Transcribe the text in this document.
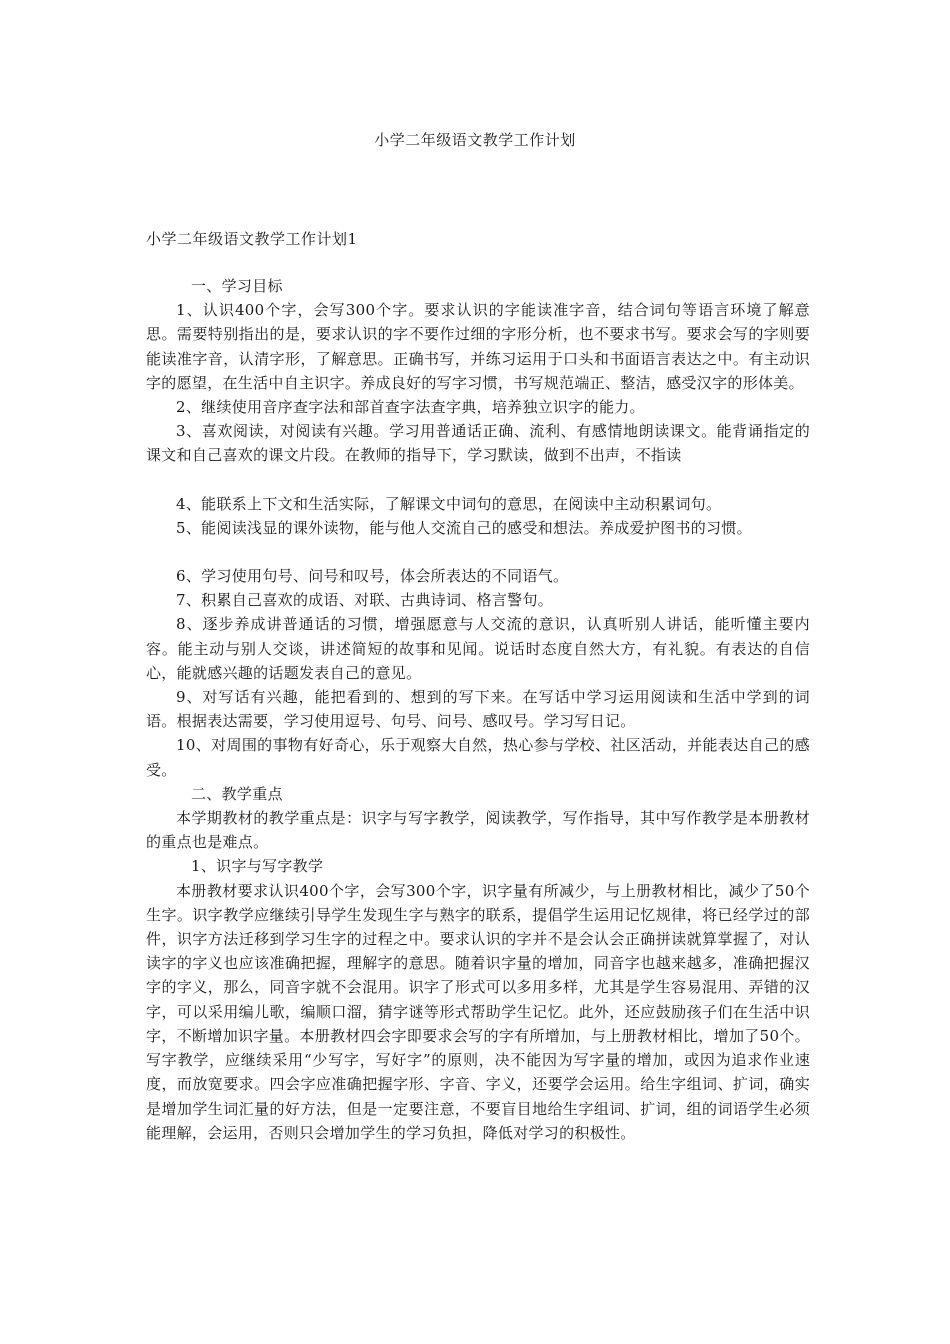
小学二年级语文教学工作计划
小学二年级语文教学工作计划1

一、学习目标

1、认识400个字，会写300个字。要求认识的字能读准字音，结合词句等语言环境了解意思。需要特别指出的是，要求认识的字不要作过细的字形分析，也不要求书写。要求会写的字则要能读准字音，认清字形，了解意思。正确书写，并练习运用于口头和书面语言表达之中。有主动识字的愿望，在生活中自主识字。养成良好的写字习惯，书写规范端正、整洁，感受汉字的形体美。

2、继续使用音序查字法和部首查字法查字典，培养独立识字的能力。

3、喜欢阅读，对阅读有兴趣。学习用普通话正确、流利、有感情地朗读课文。能背诵指定的课文和自己喜欢的课文片段。在教师的指导下，学习默读，做到不出声，不指读

4、能联系上下文和生活实际，了解课文中词句的意思，在阅读中主动积累词句。

5、能阅读浅显的课外读物，能与他人交流自己的感受和想法。养成爱护图书的习惯。

6、学习使用句号、问号和叹号，体会所表达的不同语气。

7、积累自己喜欢的成语、对联、古典诗词、格言警句。

8、逐步养成讲普通话的习惯，增强愿意与人交流的意识，认真听别人讲话，能听懂主要内容。能主动与别人交谈，讲述简短的故事和见闻。说话时态度自然大方，有礼貌。有表达的自信心，能就感兴趣的话题发表自己的意见。

9、对写话有兴趣，能把看到的、想到的写下来。在写话中学习运用阅读和生活中学到的词语。根据表达需要，学习使用逗号、句号、问号、感叹号。学习写日记。

10、对周围的事物有好奇心，乐于观察大自然，热心参与学校、社区活动，并能表达自己的感受。

二、教学重点

本学期教材的教学重点是：识字与写字教学，阅读教学，写作指导，其中写作教学是本册教材的重点也是难点。

1、识字与写字教学

本册教材要求认识400个字，会写300个字，识字量有所减少，与上册教材相比，减少了50个生字。识字教学应继续引导学生发现生字与熟字的联系，提倡学生运用记忆规律，将已经学过的部件，识字方法迁移到学习生字的过程之中。要求认识的字并不是会认会正确拼读就算掌握了，对认读字的字义也应该准确把握，理解字的意思。随着识字量的增加，同音字也越来越多，准确把握汉字的字义，那么，同音字就不会混用。识字了形式可以多用多样，尤其是学生容易混用、弄错的汉字，可以采用编儿歌，编顺口溜，猜字谜等形式帮助学生记忆。此外，还应鼓励孩子们在生活中识字，不断增加识字量。本册教材四会字即要求会写的字有所增加，与上册教材相比，增加了50个。写字教学，应继续采用“少写字，写好字”的原则，决不能因为写字量的增加，或因为追求作业速度，而放宽要求。四会字应准确把握字形、字音、字义，还要学会运用。给生字组词、扩词，确实是增加学生词汇量的好方法，但是一定要注意，不要盲目地给生字组词、扩词，组的词语学生必须能理解，会运用，否则只会增加学生的学习负担，降低对学习的积极性。
